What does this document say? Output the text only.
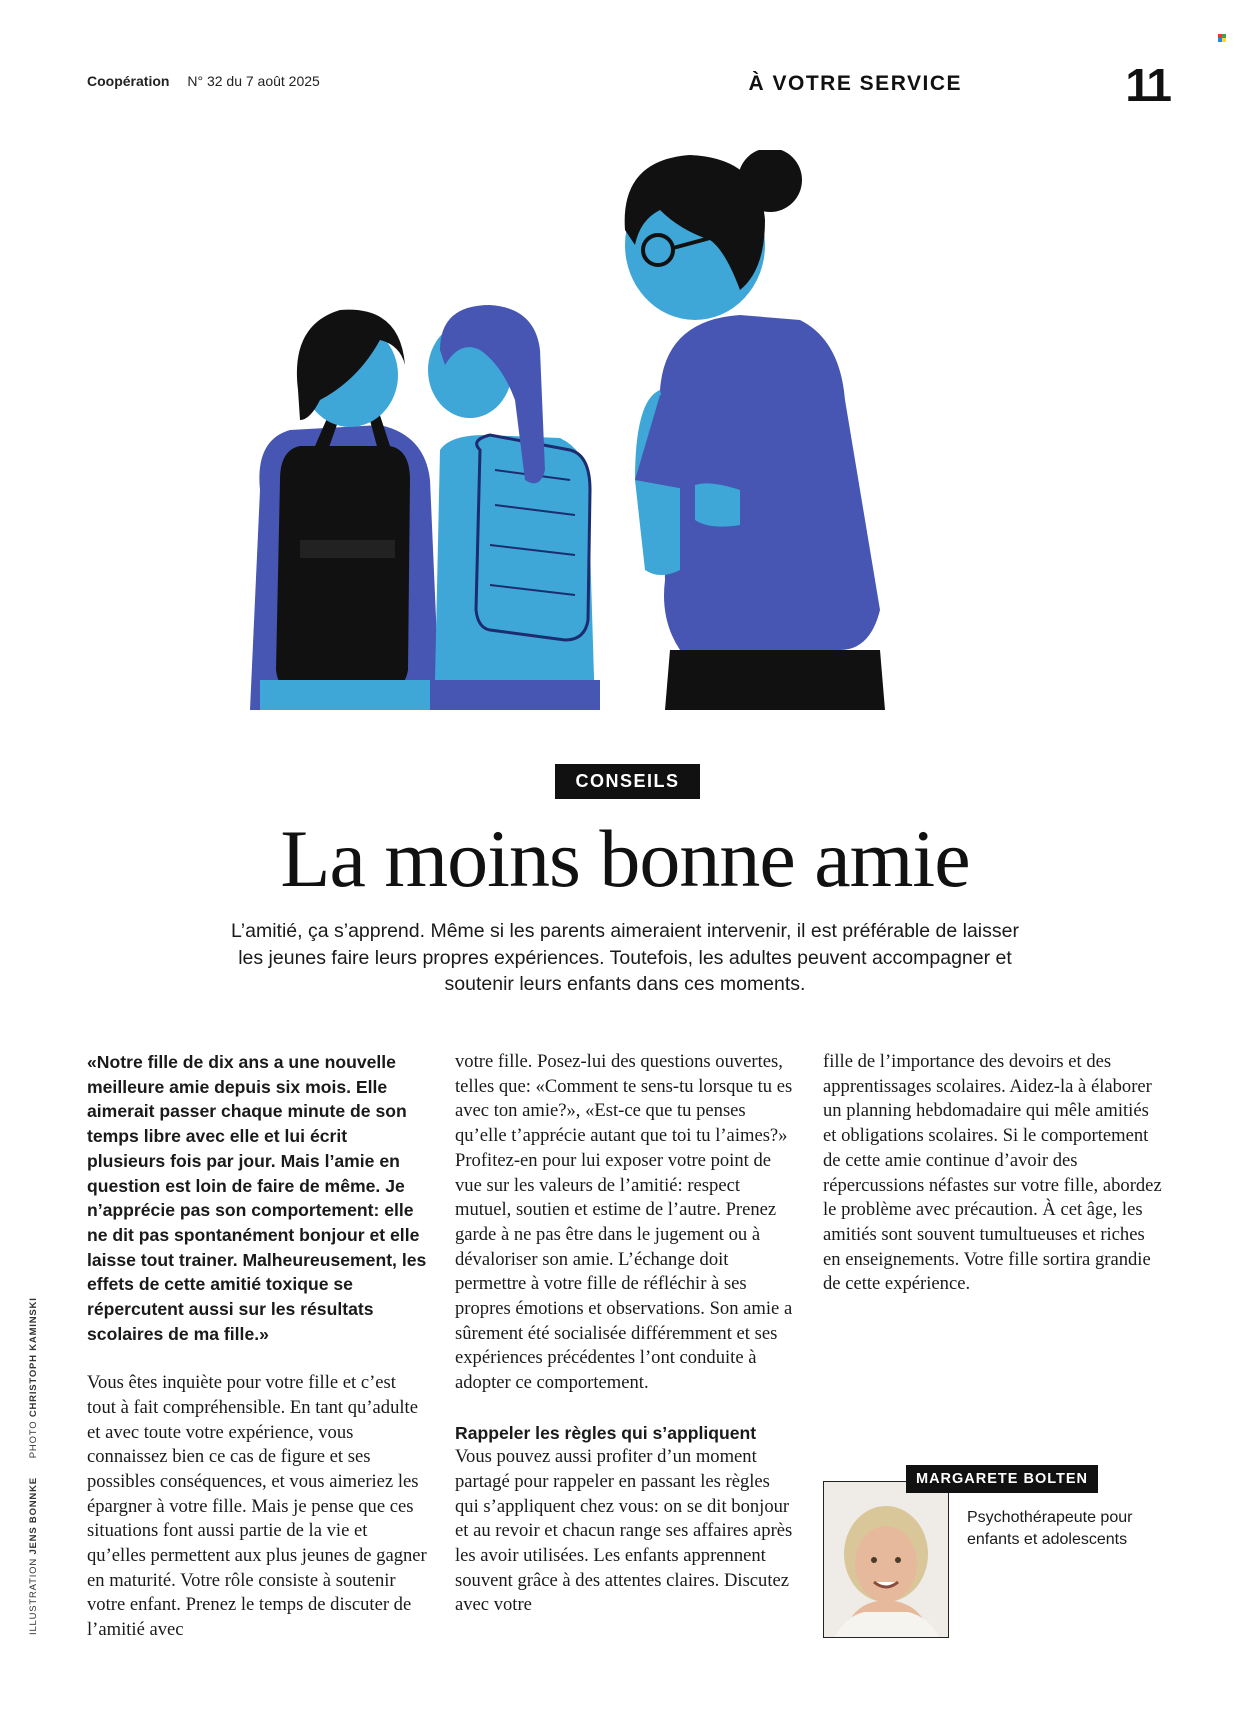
Coopération N° 32 du 7 août 2025	À VOTRE SERVICE	11
CONSEILS
La moins bonne amie

L’amitié, ça s’apprend. Même si les parents aimeraient intervenir, il est préférable de laisser les jeunes faire leurs propres expériences. Toutefois, les adultes peuvent accompagner et soutenir leurs enfants dans ces moments.

ILLUSTRATION JENS BONNKE  PHOTO CHRISTOPH KAMINSKI

«Notre fille de dix ans a une nouvelle meilleure amie depuis six mois. Elle aimerait passer chaque minute de son temps libre avec elle et lui écrit plusieurs fois par jour. Mais l’amie en question est loin de faire de même. Je n’apprécie pas son comportement: elle ne dit pas spontanément bonjour et elle laisse tout trainer. Malheureusement, les effets de cette amitié toxique se répercutent aussi sur les résultats scolaires de ma fille.»

Vous êtes inquiète pour votre fille et c’est tout à fait compréhensible. En tant qu’adulte et avec toute votre expérience, vous connaissez bien ce cas de figure et ses possibles conséquences, et vous aimeriez les épargner à votre fille. Mais je pense que ces situations font aussi partie de la vie et qu’elles permettent aux plus jeunes de gagner en maturité. Votre rôle consiste à soutenir votre enfant. Prenez le temps de discuter de l’amitié avec

votre fille. Posez-lui des questions ouvertes, telles que: «Comment te sens-tu lorsque tu es avec ton amie?», «Est-ce que tu penses qu’elle t’apprécie autant que toi tu l’aimes?» Profitez-en pour lui exposer votre point de vue sur les valeurs de l’amitié: respect mutuel, soutien et estime de l’autre. Prenez garde à ne pas être dans le jugement ou à dévaloriser son amie. L’échange doit permettre à votre fille de réfléchir à ses propres émotions et observations. Son amie a sûrement été socialisée différemment et ses expériences précédentes l’ont conduite à adopter ce comportement.

Rappeler les règles qui s’appliquent

Vous pouvez aussi profiter d’un moment partagé pour rappeler en passant les règles qui s’appliquent chez vous: on se dit bonjour et au revoir et chacun range ses affaires après les avoir utilisées. Les enfants apprennent souvent grâce à des attentes claires. Discutez avec votre

fille de l’importance des devoirs et des apprentissages scolaires. Aidez-la à élaborer un planning hebdomadaire qui mêle amitiés et obligations scolaires. Si le comportement de cette amie continue d’avoir des répercussions néfastes sur votre fille, abordez le problème avec précaution. À cet âge, les amitiés sont souvent tumultueuses et riches en enseignements. Votre fille sortira grandie de cette expérience.

MARGARETE BOLTEN
Psychothérapeute pour enfants et adolescents
